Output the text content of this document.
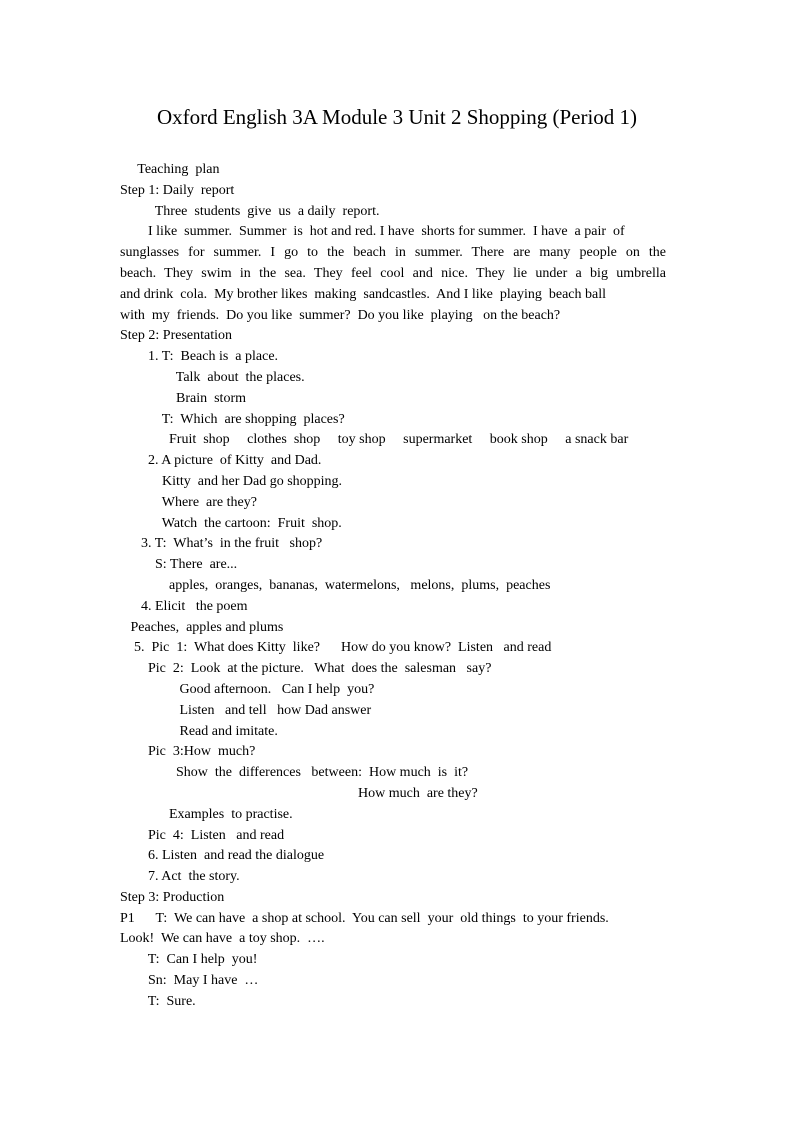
Oxford English 3A Module 3 Unit 2 Shopping (Period 1)
Teaching  plan
Step 1: Daily  report
Three  students  give  us  a daily  report.
I like  summer.  Summer  is  hot and red. I have  shorts for summer.  I have  a pair  of
sunglasses for summer. I go to the beach in summer. There are many people on the
beach. They swim in the sea. They feel cool and nice. They lie under a big umbrella
and drink  cola.  My brother likes  making  sandcastles.  And I like  playing  beach ball
with  my  friends.  Do you like  summer?  Do you like  playing   on the beach?
Step 2: Presentation
1. T:  Beach is  a place.
Talk  about  the places.
Brain  storm
T:  Which  are shopping  places?
Fruit  shop     clothes  shop     toy shop     supermarket     book shop     a snack bar
2. A picture  of Kitty  and Dad.
Kitty  and her Dad go shopping.
Where  are they?
Watch  the cartoon:  Fruit  shop.
3. T:  What’s  in the fruit   shop?
S: There  are...
apples,  oranges,  bananas,  watermelons,   melons,  plums,  peaches
4. Elicit   the poem
Peaches,  apples and plums
5.  Pic  1:  What does Kitty  like?      How do you know?  Listen   and read
Pic  2:  Look  at the picture.   What  does the  salesman   say?
Good afternoon.   Can I help  you?
Listen   and tell   how Dad answer
Read and imitate.
Pic  3:How  much?
Show  the  differences   between:  How much  is  it?
How much  are they?
Examples  to practise.
Pic  4:  Listen   and read
6. Listen  and read the dialogue
7. Act  the story.
Step 3: Production
P1      T:  We can have  a shop at school.  You can sell  your  old things  to your friends.
Look!  We can have  a toy shop.  ….
T:  Can I help  you!
Sn:  May I have  …
T:  Sure.
